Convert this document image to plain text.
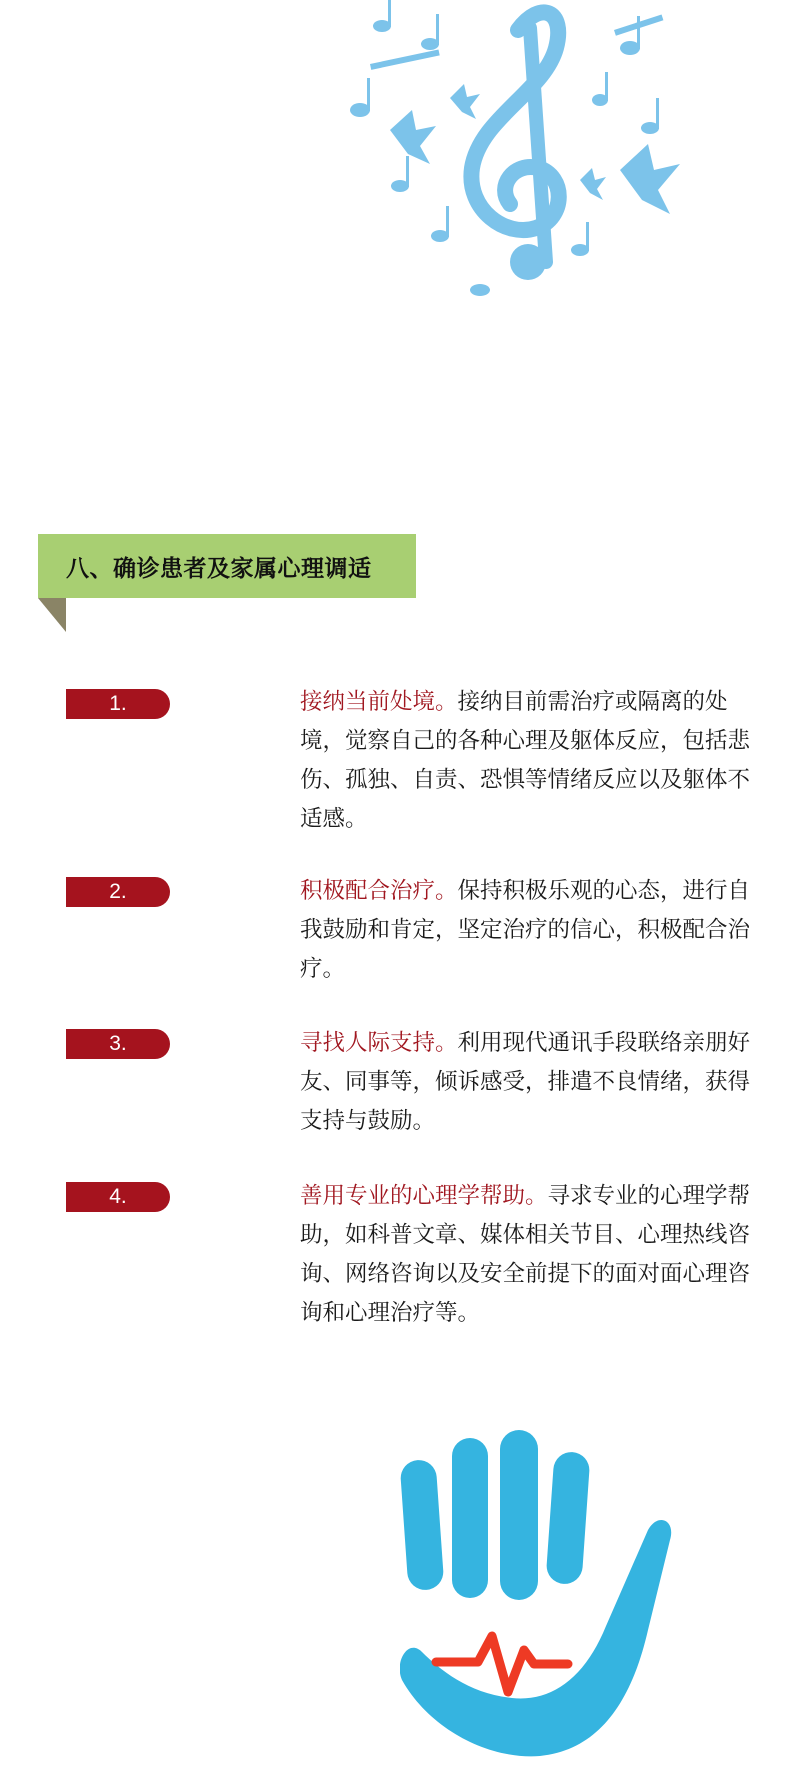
八、确诊患者及家属心理调适
1.	接纳当前处境。接纳目前需治疗或隔离的处境，觉察自己的各种心理及躯体反应，包括悲伤、孤独、自责、恐惧等情绪反应以及躯体不适感。

2.	积极配合治疗。保持积极乐观的心态，进行自我鼓励和肯定，坚定治疗的信心，积极配合治疗。

3.	寻找人际支持。利用现代通讯手段联络亲朋好友、同事等，倾诉感受，排遣不良情绪，获得支持与鼓励。

4.	善用专业的心理学帮助。寻求专业的心理学帮助，如科普文章、媒体相关节目、心理热线咨询、网络咨询以及安全前提下的面对面心理咨询和心理治疗等。
